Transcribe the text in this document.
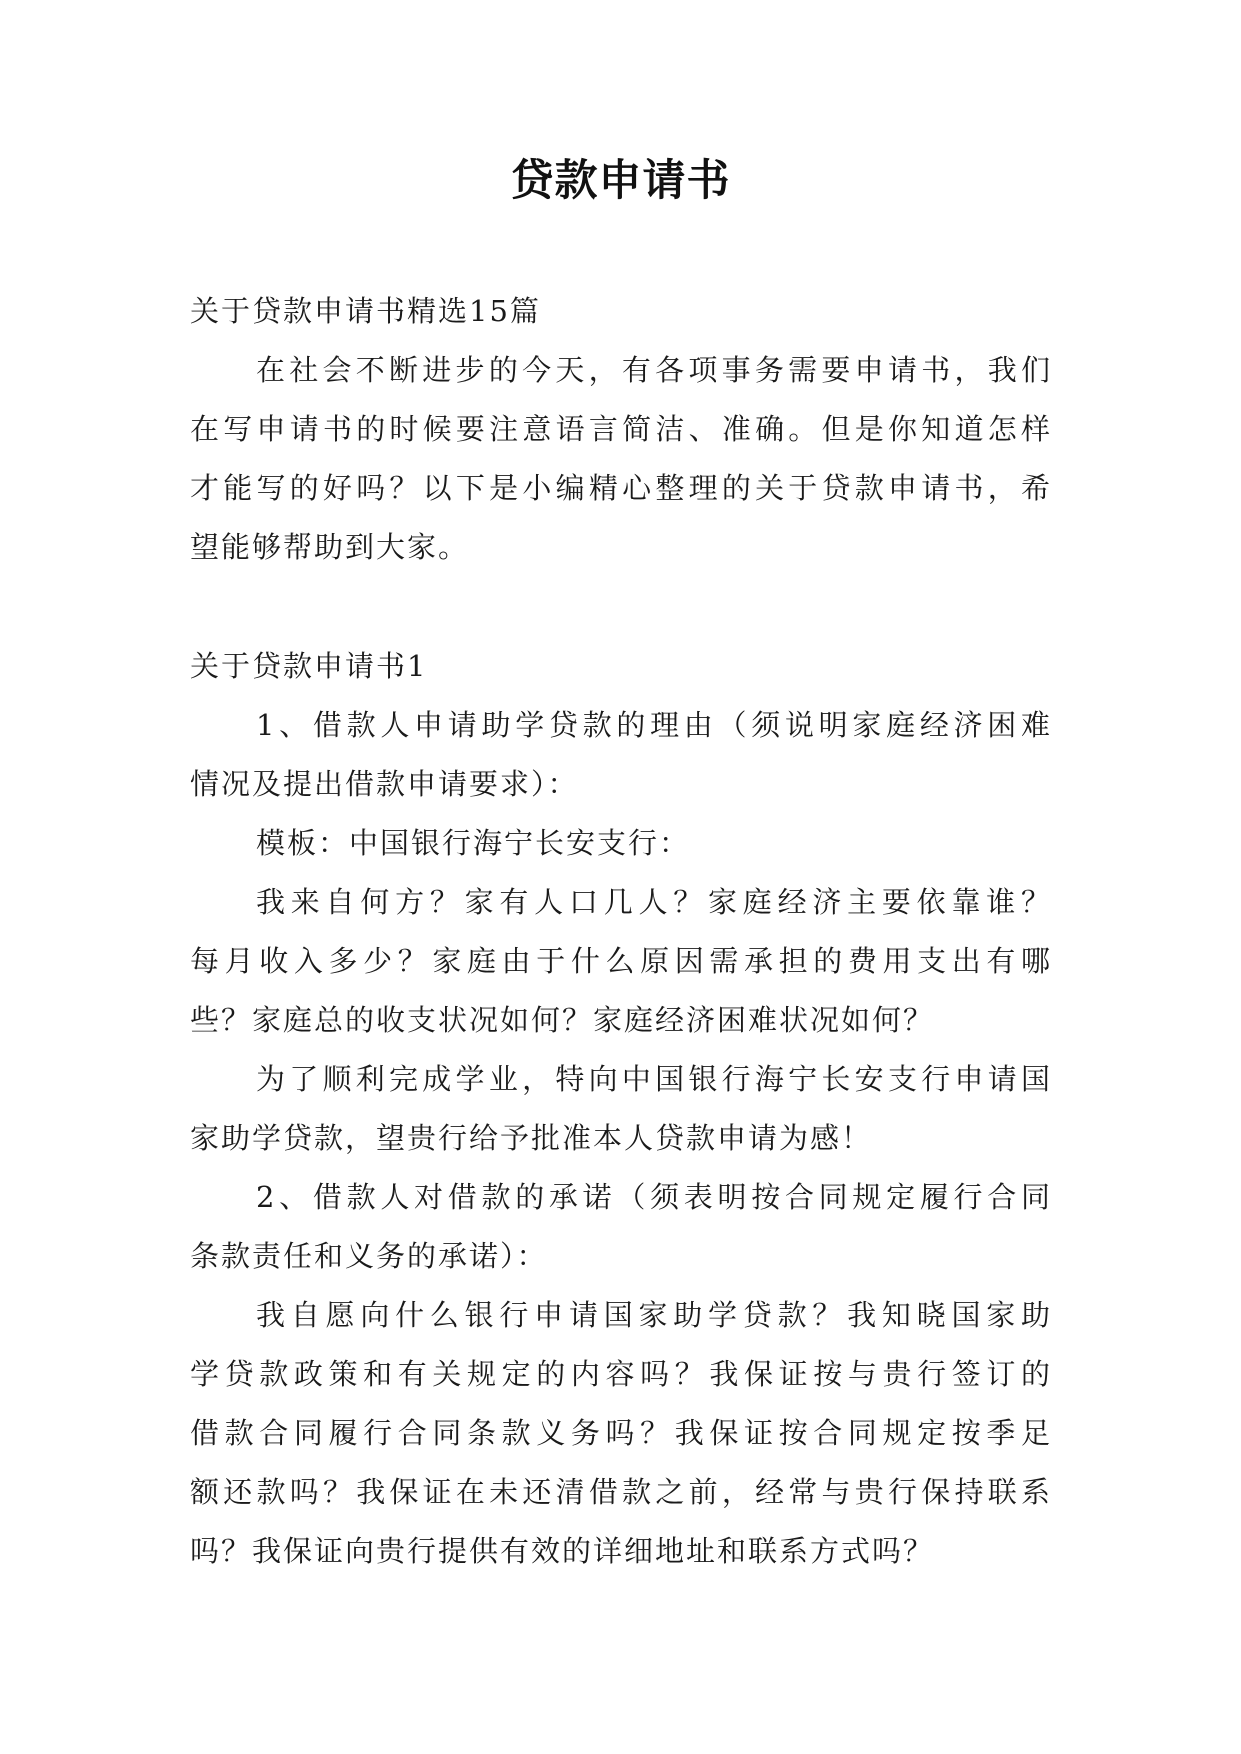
贷款申请书
关于贷款申请书精选15篇
在社会不断进步的今天，有各项事务需要申请书，我们
在写申请书的时候要注意语言简洁、准确。但是你知道怎样
才能写的好吗？以下是小编精心整理的关于贷款申请书，希
望能够帮助到大家。
关于贷款申请书1
1、借款人申请助学贷款的理由（须说明家庭经济困难
情况及提出借款申请要求）：
模板：中国银行海宁长安支行：
我来自何方？家有人口几人？家庭经济主要依靠谁？
每月收入多少？家庭由于什么原因需承担的费用支出有哪
些？家庭总的收支状况如何？家庭经济困难状况如何？
为了顺利完成学业，特向中国银行海宁长安支行申请国
家助学贷款，望贵行给予批准本人贷款申请为感！
2、借款人对借款的承诺（须表明按合同规定履行合同
条款责任和义务的承诺）：
我自愿向什么银行申请国家助学贷款？我知晓国家助
学贷款政策和有关规定的内容吗？我保证按与贵行签订的
借款合同履行合同条款义务吗？我保证按合同规定按季足
额还款吗？我保证在未还清借款之前，经常与贵行保持联系
吗？我保证向贵行提供有效的详细地址和联系方式吗？
